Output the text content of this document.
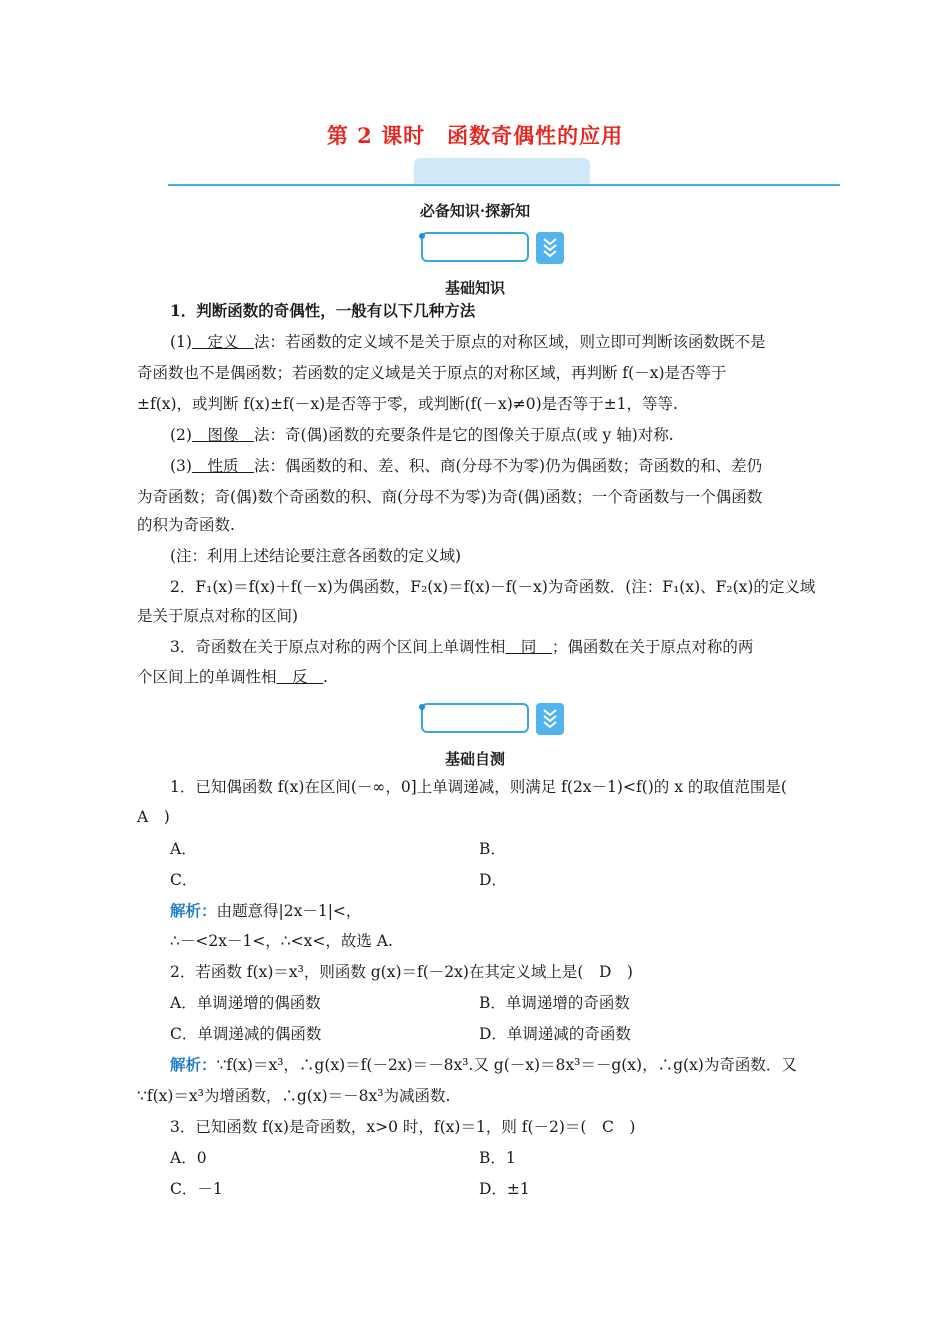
第 2 课时　函数奇偶性的应用
必备知识·探新知
基础知识
1．判断函数的奇偶性，一般有以下几种方法
(1)　定义　法：若函数的定义域不是关于原点的对称区域，则立即可判断该函数既不是
奇函数也不是偶函数；若函数的定义域是关于原点的对称区域，再判断 f(－x)是否等于
±f(x)，或判断 f(x)±f(－x)是否等于零，或判断(f(－x)≠0)是否等于±1，等等.
(2)　图像　法：奇(偶)函数的充要条件是它的图像关于原点(或 y 轴)对称.
(3)　性质　法：偶函数的和、差、积、商(分母不为零)仍为偶函数；奇函数的和、差仍
为奇函数；奇(偶)数个奇函数的积、商(分母不为零)为奇(偶)函数；一个奇函数与一个偶函数
的积为奇函数.
(注：利用上述结论要注意各函数的定义域)
2．F₁(x)＝f(x)＋f(－x)为偶函数，F₂(x)＝f(x)－f(－x)为奇函数．(注：F₁(x)、F₂(x)的定义域
是关于原点对称的区间)
3．奇函数在关于原点对称的两个区间上单调性相　同　；偶函数在关于原点对称的两
个区间上的单调性相　反　.
基础自测
1．已知偶函数 f(x)在区间(－∞，0]上单调递减，则满足 f(2x－1)<f()的 x 的取值范围是(
A　)
A．	B．
C．	D．
解析：由题意得|2x－1|<，
∴－<2x－1<，∴<x<，故选 A.
2．若函数 f(x)＝x³，则函数 g(x)＝f(－2x)在其定义域上是(　D　)
A．单调递增的偶函数	B．单调递增的奇函数
C．单调递减的偶函数	D．单调递减的奇函数
解析：∵f(x)＝x³，∴g(x)＝f(－2x)＝－8x³.又 g(－x)＝8x³＝－g(x)，∴g(x)为奇函数．又
∵f(x)＝x³为增函数，∴g(x)＝－8x³为减函数.
3．已知函数 f(x)是奇函数，x>0 时，f(x)＝1，则 f(－2)＝(　C　)
A．0	B．1
C．－1	D．±1
